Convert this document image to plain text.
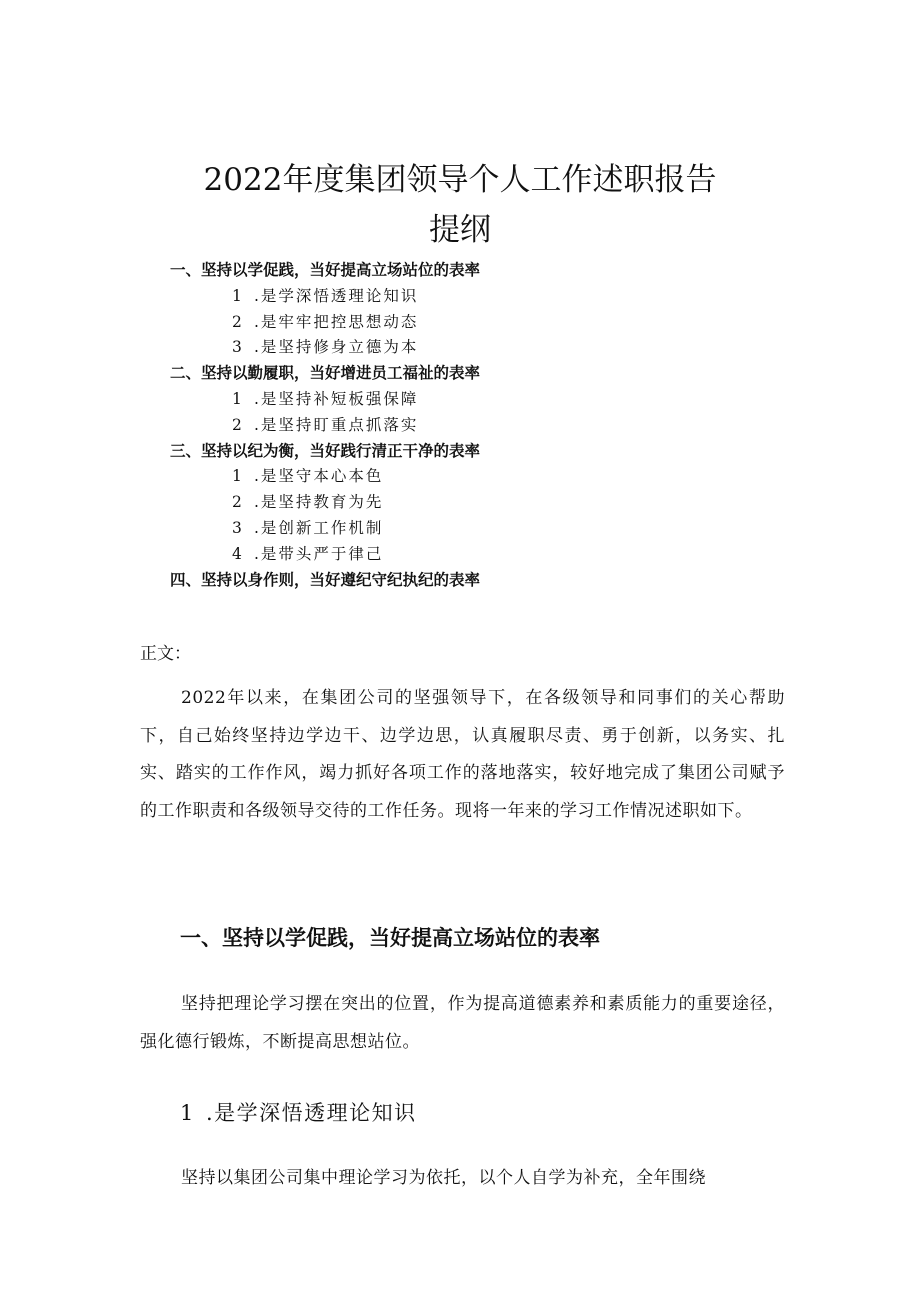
2022年度集团领导个人工作述职报告
提纲
一、坚持以学促践，当好提高立场站位的表率
1 .是学深悟透理论知识
2 .是牢牢把控思想动态
3 .是坚持修身立德为本
二、坚持以勤履职，当好增进员工福祉的表率
1 .是坚持补短板强保障
2 .是坚持盯重点抓落实
三、坚持以纪为衡，当好践行清正干净的表率
1 .是坚守本心本色
2 .是坚持教育为先
3 .是创新工作机制
4 .是带头严于律己
四、坚持以身作则，当好遵纪守纪执纪的表率
正文：

2022年以来，在集团公司的坚强领导下，在各级领导和同事们的关心帮助下，自己始终坚持边学边干、边学边思，认真履职尽责、勇于创新，以务实、扎实、踏实的工作作风，竭力抓好各项工作的落地落实，较好地完成了集团公司赋予的工作职责和各级领导交待的工作任务。现将一年来的学习工作情况述职如下。

一、坚持以学促践，当好提高立场站位的表率

坚持把理论学习摆在突出的位置，作为提高道德素养和素质能力的重要途径，强化德行锻炼，不断提高思想站位。

1 .是学深悟透理论知识

坚持以集团公司集中理论学习为依托，以个人自学为补充，全年围绕
